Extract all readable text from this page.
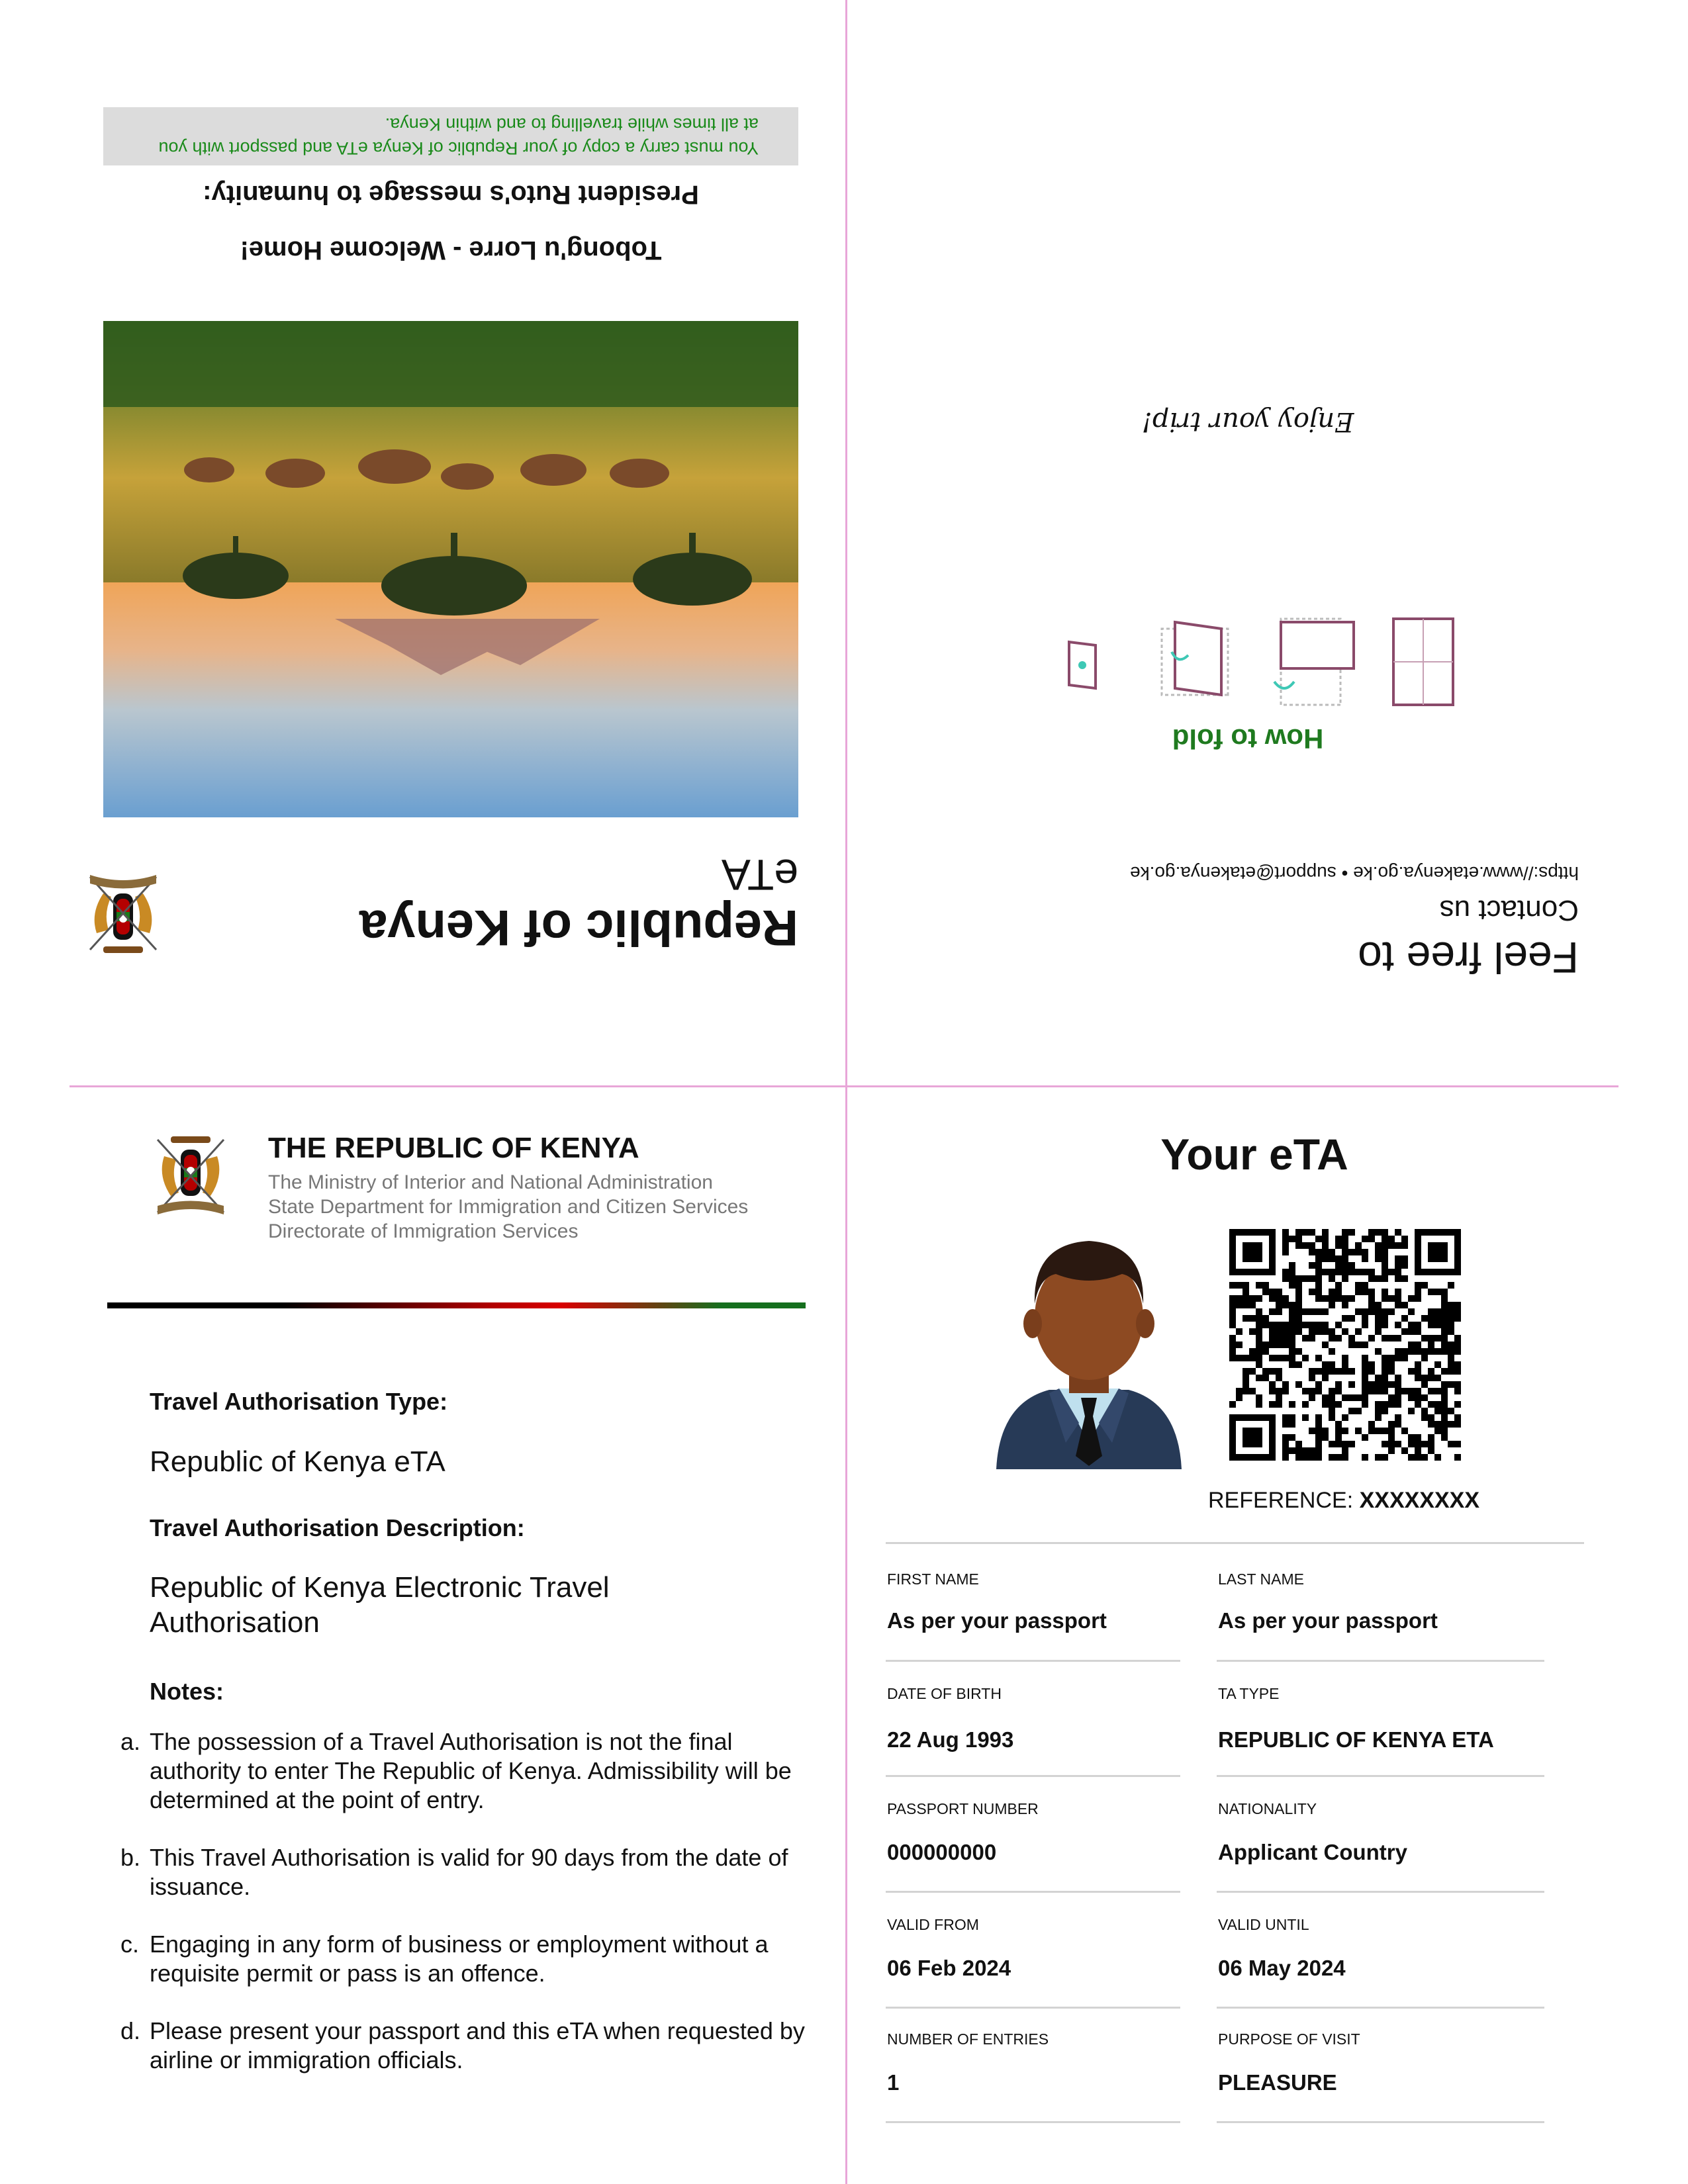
Republic of Kenya
eTA
Tobong'u Lorre - Welcome Home!
President Ruto's message to humanity:
You must carry a copy of your Republic of Kenya eTA and passport with you at all times while travelling to and within Kenya.
Feel free to
Contact us
https://www.etakenya.go.ke • support@etakenya.go.ke
How to fold
Enjoy your trip!
THE REPUBLIC OF KENYA
The Ministry of Interior and National Administration
State Department for Immigration and Citizen Services
Directorate of Immigration Services
Travel Authorisation Type:
Republic of Kenya eTA
Travel Authorisation Description:
Republic of Kenya Electronic Travel Authorisation
Notes:
a. The possession of a Travel Authorisation is not the final authority to enter The Republic of Kenya. Admissibility will be determined at the point of entry.
b. This Travel Authorisation is valid for 90 days from the date of issuance.
c. Engaging in any form of business or employment without a requisite permit or pass is an offence.
d. Please present your passport and this eTA when requested by airline or immigration officials.
Your eTA
REFERENCE: XXXXXXXX
FIRST NAME
As per your passport
LAST NAME
As per your passport
DATE OF BIRTH
22 Aug 1993
TA TYPE
REPUBLIC OF KENYA ETA
PASSPORT NUMBER
000000000
NATIONALITY
Applicant Country
VALID FROM
06 Feb 2024
VALID UNTIL
06 May 2024
NUMBER OF ENTRIES
1
PURPOSE OF VISIT
PLEASURE
